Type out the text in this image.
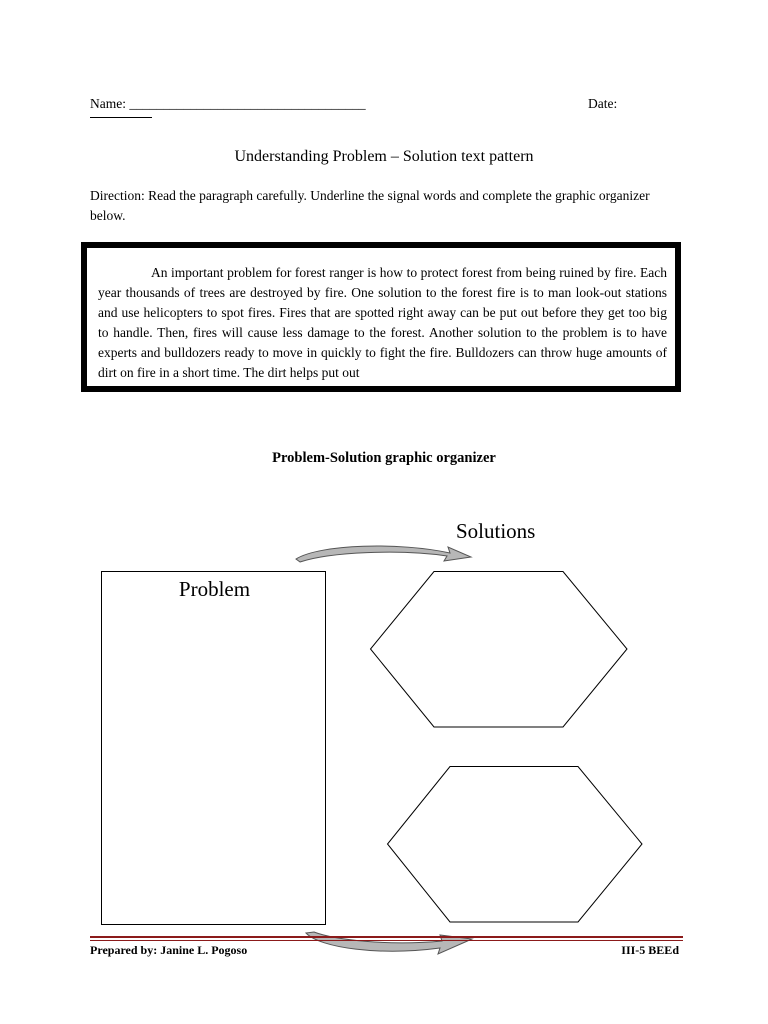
Name: ___________________________________	Date:
Understanding Problem – Solution text pattern
Direction: Read the paragraph carefully. Underline the signal words and complete the graphic organizer below.

An important problem for forest ranger is how to protect forest from being ruined by fire. Each year thousands of trees are destroyed by fire. One solution to the forest fire is to man look-out stations and use helicopters to spot fires. Fires that are spotted right away can be put out before they get too big to handle. Then, fires will cause less damage to the forest. Another solution to the problem is to have experts and bulldozers ready to move in quickly to fight the fire. Bulldozers can throw huge amounts of dirt on fire in a short time. The dirt helps put out

Problem-Solution graphic organizer
Solutions
Problem
Prepared by: Janine L. Pogoso	III-5 BEEd
